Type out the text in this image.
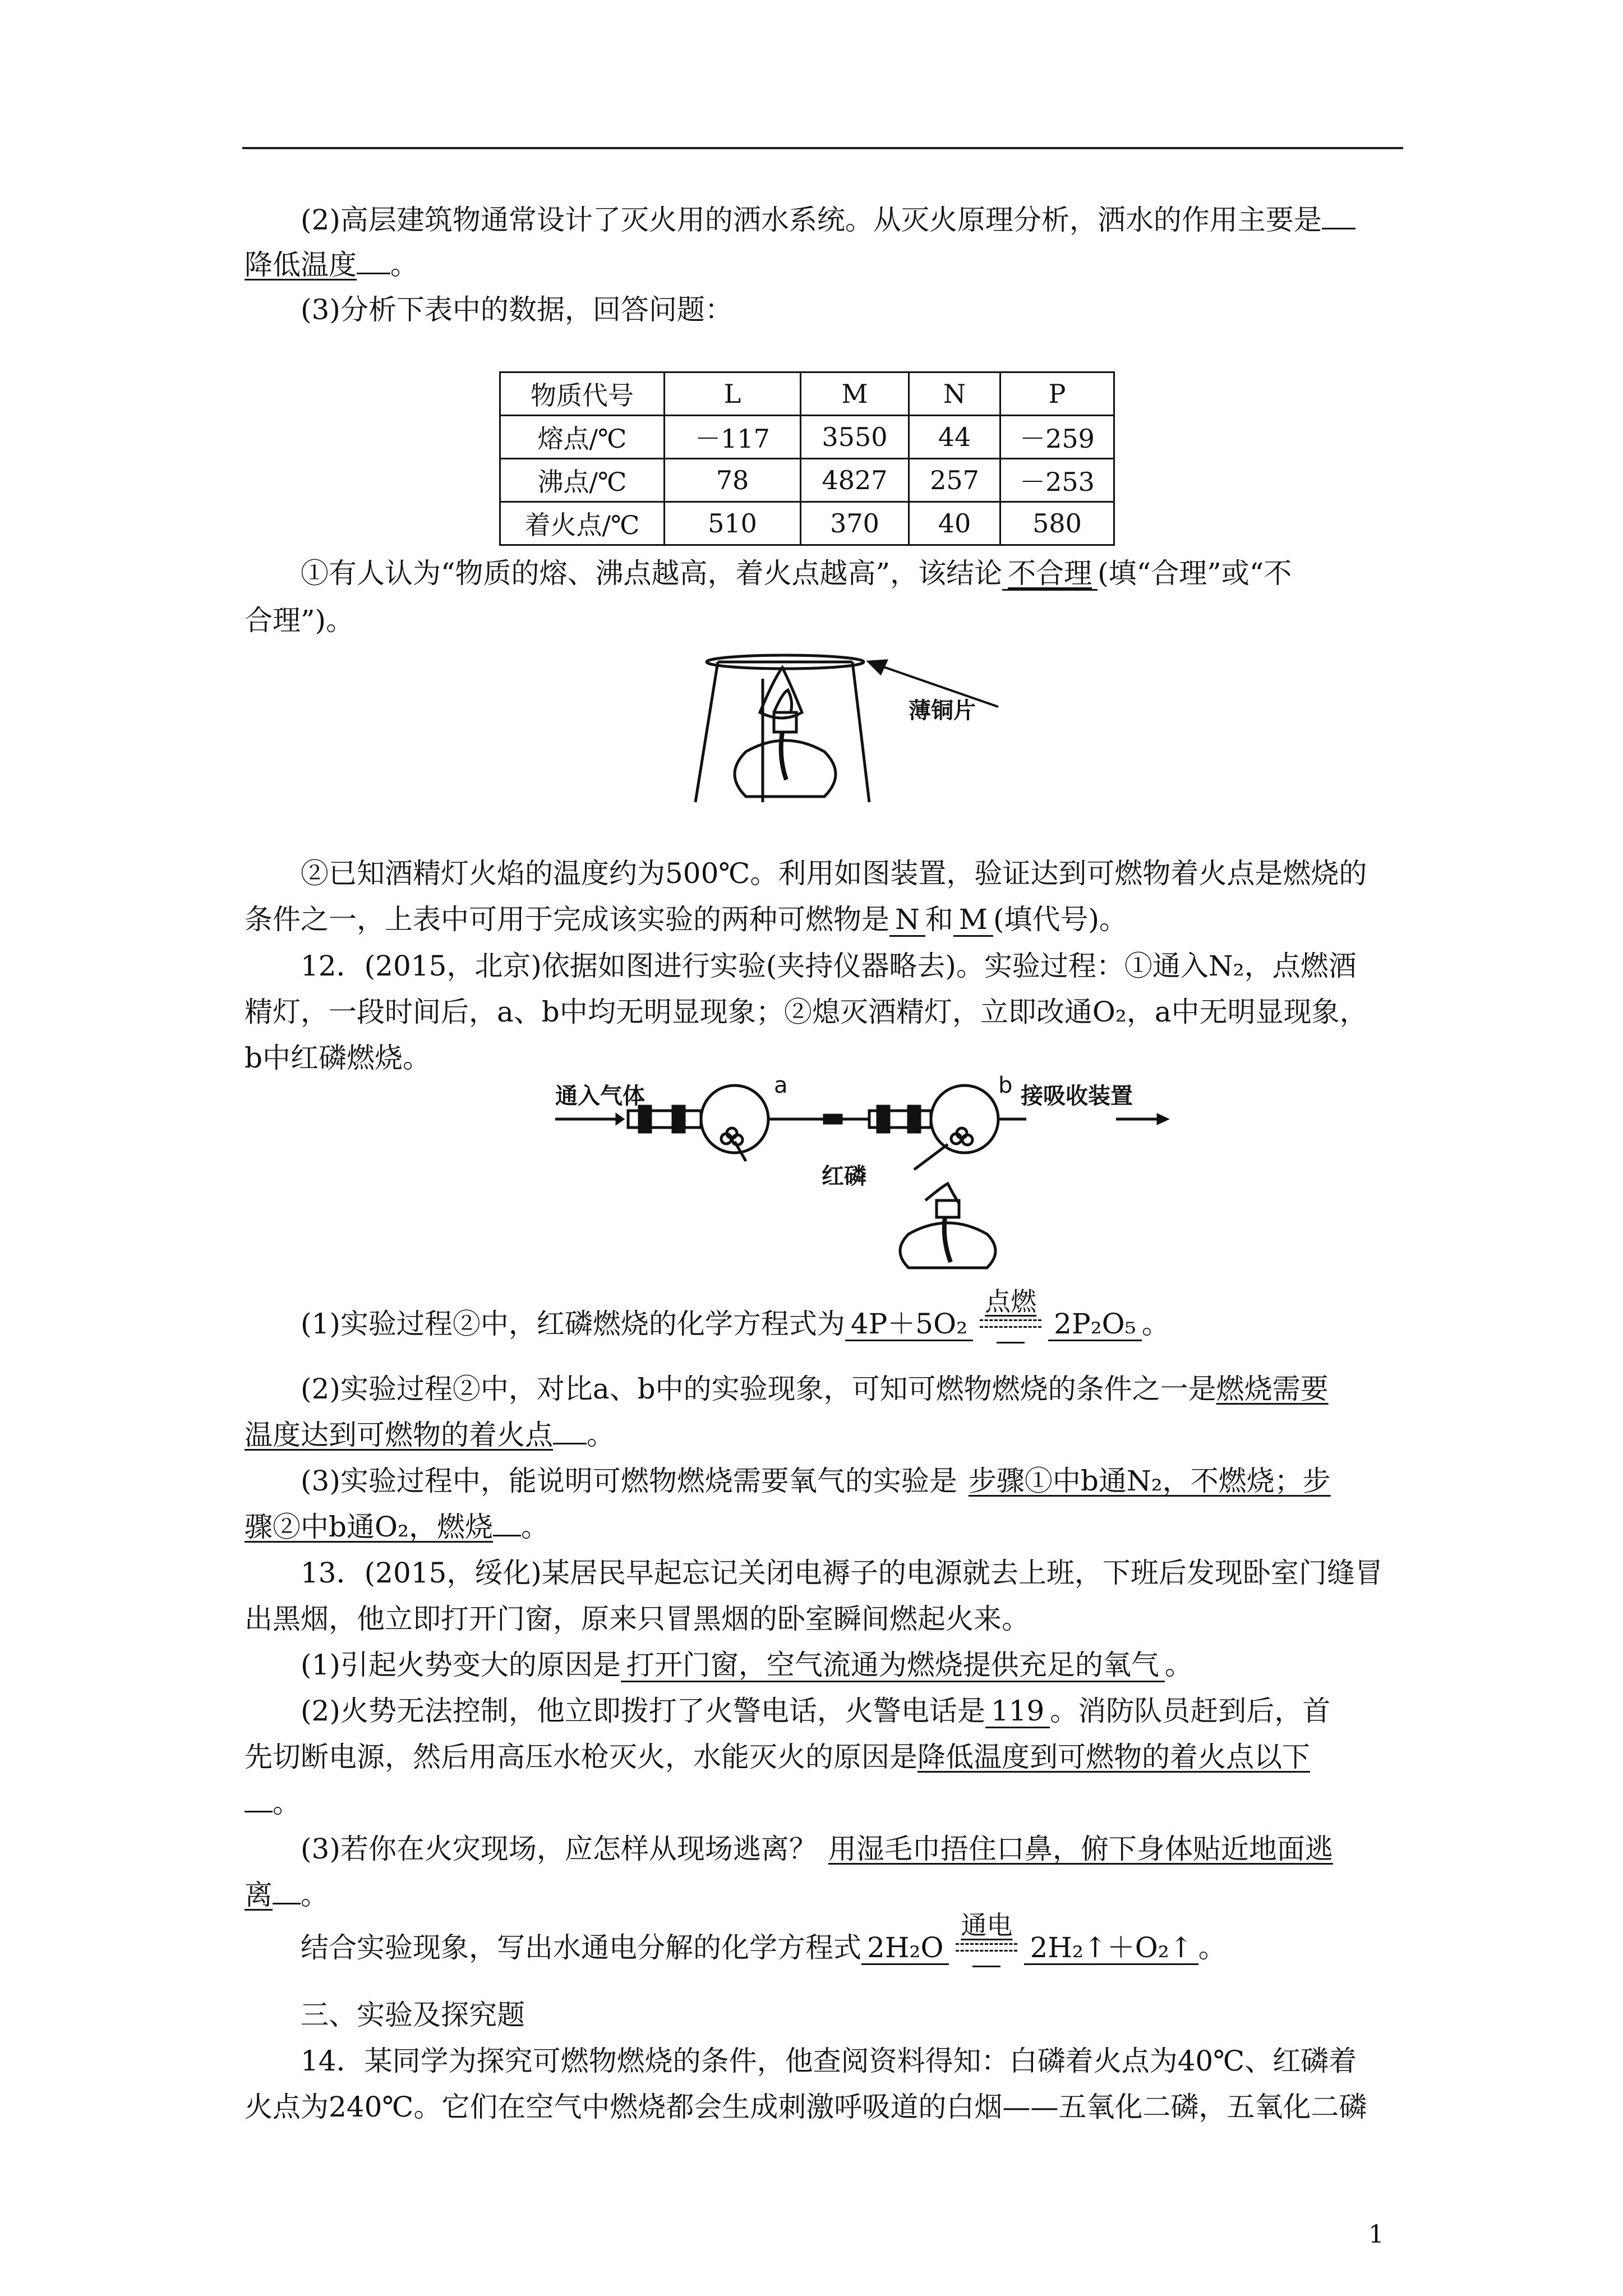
(2)高层建筑物通常设计了灭火用的洒水系统。从灭火原理分析，洒水的作用主要是
降低温度 。
(3)分析下表中的数据，回答问题：
物质代号	L	M	N	P
熔点/℃	－117	3550	44	－259
沸点/℃	78	4827	257	－253
着火点/℃	510	370	40	580
①有人认为“物质的熔、沸点越高，着火点越高”，该结论 不合理 (填“合理”或“不
合理”)。
薄铜片
②已知酒精灯火焰的温度约为500℃。利用如图装置，验证达到可燃物着火点是燃烧的
条件之一，上表中可用于完成该实验的两种可燃物是 N 和 M (填代号)。
12．(2015，北京)依据如图进行实验(夹持仪器略去)。实验过程：①通入N₂，点燃酒
精灯，一段时间后，a、b中均无明显现象；②熄灭酒精灯，立即改通O₂，a中无明显现象，
b中红磷燃烧。
通入气体	接吸收装置
a	b
红磷
(1)实验过程②中，红磷燃烧的化学方程式为 4P＋5O₂
点燃
2P₂O₅ 。
(2)实验过程②中，对比a、b中的实验现象，可知可燃物燃烧的条件之一是燃烧需要
温度达到可燃物的着火点 。
(3)实验过程中，能说明可燃物燃烧需要氧气的实验是 步骤①中b通N₂，不燃烧；步
骤②中b通O₂，燃烧 。
13．(2015，绥化)某居民早起忘记关闭电褥子的电源就去上班，下班后发现卧室门缝冒
出黑烟，他立即打开门窗，原来只冒黑烟的卧室瞬间燃起火来。
(1)引起火势变大的原因是 打开门窗，空气流通为燃烧提供充足的氧气 。
(2)火势无法控制，他立即拨打了火警电话，火警电话是 119 。消防队员赶到后，首
先切断电源，然后用高压水枪灭火，水能灭火的原因是降低温度到可燃物的着火点以下
。
(3)若你在火灾现场，应怎样从现场逃离？ 用湿毛巾捂住口鼻，俯下身体贴近地面逃
离 。
结合实验现象，写出水通电分解的化学方程式 2H₂O
通电
2H₂↑＋O₂↑ 。
三、实验及探究题
14．某同学为探究可燃物燃烧的条件，他查阅资料得知：白磷着火点为40℃、红磷着
火点为240℃。它们在空气中燃烧都会生成刺激呼吸道的白烟——五氧化二磷，五氧化二磷
1
